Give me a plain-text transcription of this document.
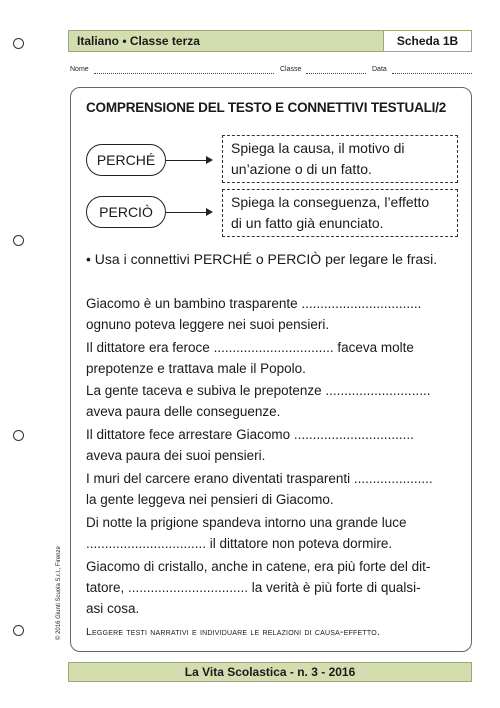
Italiano • Classe terza	Scheda 1B
Nome	Classe	Data
COMPRENSIONE DEL TESTO E CONNETTIVI TESTUALI/2
PERCHÉ
Spiega la causa, il motivo di
un’azione o di un fatto.
PERCIÒ
Spiega la conseguenza, l’effetto
di un fatto già enunciato.
• Usa i connettivi PERCHÉ o PERCIÒ per legare le frasi.
Giacomo è un bambino trasparente ................................
ognuno poteva leggere nei suoi pensieri.
Il dittatore era feroce ................................ faceva molte
prepotenze e trattava male il Popolo.
La gente taceva e subiva le prepotenze ............................
aveva paura delle conseguenze.
Il dittatore fece arrestare Giacomo ................................
aveva paura dei suoi pensieri.
I muri del carcere erano diventati trasparenti .....................
la gente leggeva nei pensieri di Giacomo.
Di notte la prigione spandeva intorno una grande luce
................................ il dittatore non poteva dormire.
Giacomo di cristallo, anche in catene, era più forte del dit-
tatore, ................................ la verità è più forte di qualsi-
asi cosa.
Leggere testi narrativi e individuare le relazioni di causa-effetto.
© 2016 Giunti Scuola S.r.l., Firenze
La Vita Scolastica - n. 3 - 2016
